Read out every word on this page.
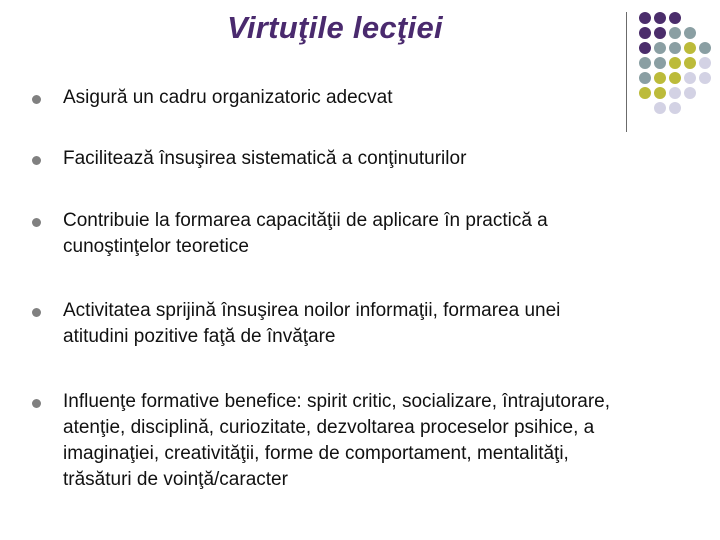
Virtuţile lecţiei
Asigură un cadru organizatoric adecvat
Facilitează însuşirea sistematică a conţinuturilor
Contribuie la formarea capacităţii de aplicare în practică a
cunoştinţelor teoretice
Activitatea sprijină însuşirea noilor informaţii, formarea unei
atitudini pozitive faţă de învăţare
Influenţe formative benefice: spirit critic, socializare, întrajutorare,
atenţie, disciplină, curiozitate, dezvoltarea proceselor psihice, a
imaginaţiei, creativităţii, forme de comportament, mentalităţi,
trăsături de voinţă/caracter
